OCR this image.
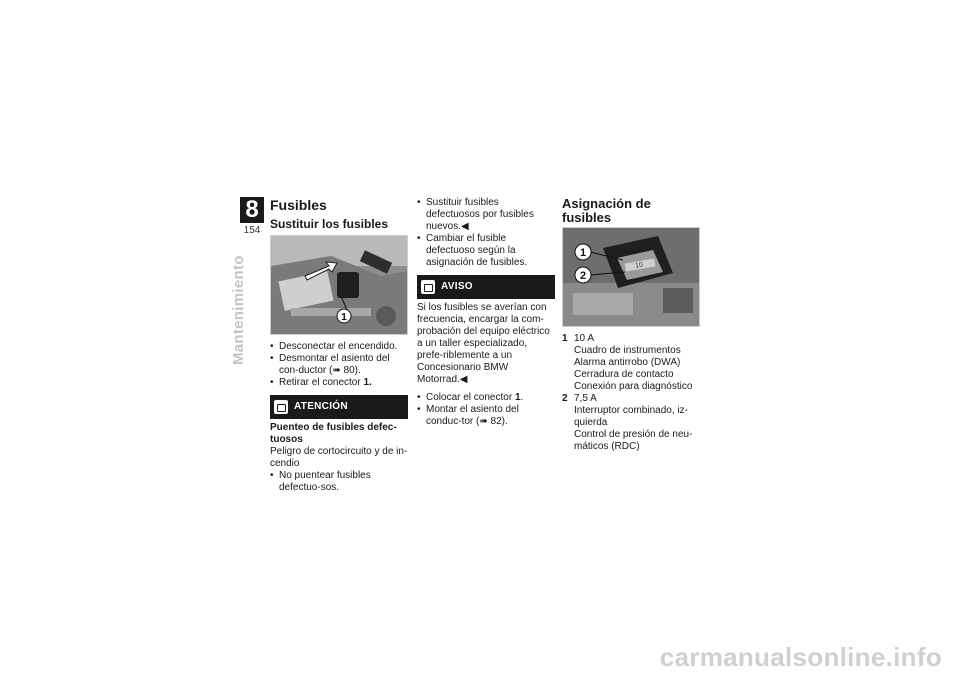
8
154
Mantenimiento
Fusibles
Sustituir los fusibles
1
• Desconectar el encendido.
• Desmontar el asiento del con-ductor (➠ 80).
• Retirar el conector 1.
ATENCIÓN

Puenteo de fusibles defec-tuosos

Peligro de cortocircuito y de in-cendio

• No puentear fusibles defectuo-sos.
• Sustituir fusibles defectuosos por fusibles nuevos.◀
• Cambiar el fusible defectuoso según la asignación de fusibles.
AVISO

Si los fusibles se averían con frecuencia, encargar la com-probación del equipo eléctrico a un taller especializado, prefe-riblemente a un Concesionario BMW Motorrad.◀

• Colocar el conector 1.
• Montar el asiento del conduc-tor (➠ 82).
Asignación de fusibles
10
1
2
1 10 A
Cuadro de instrumentos
Alarma antirrobo (DWA)
Cerradura de contacto
Conexión para diagnóstico
2 7,5 A
Interruptor combinado, iz-quierda
Control de presión de neu-máticos (RDC)
carmanualsonline.info
